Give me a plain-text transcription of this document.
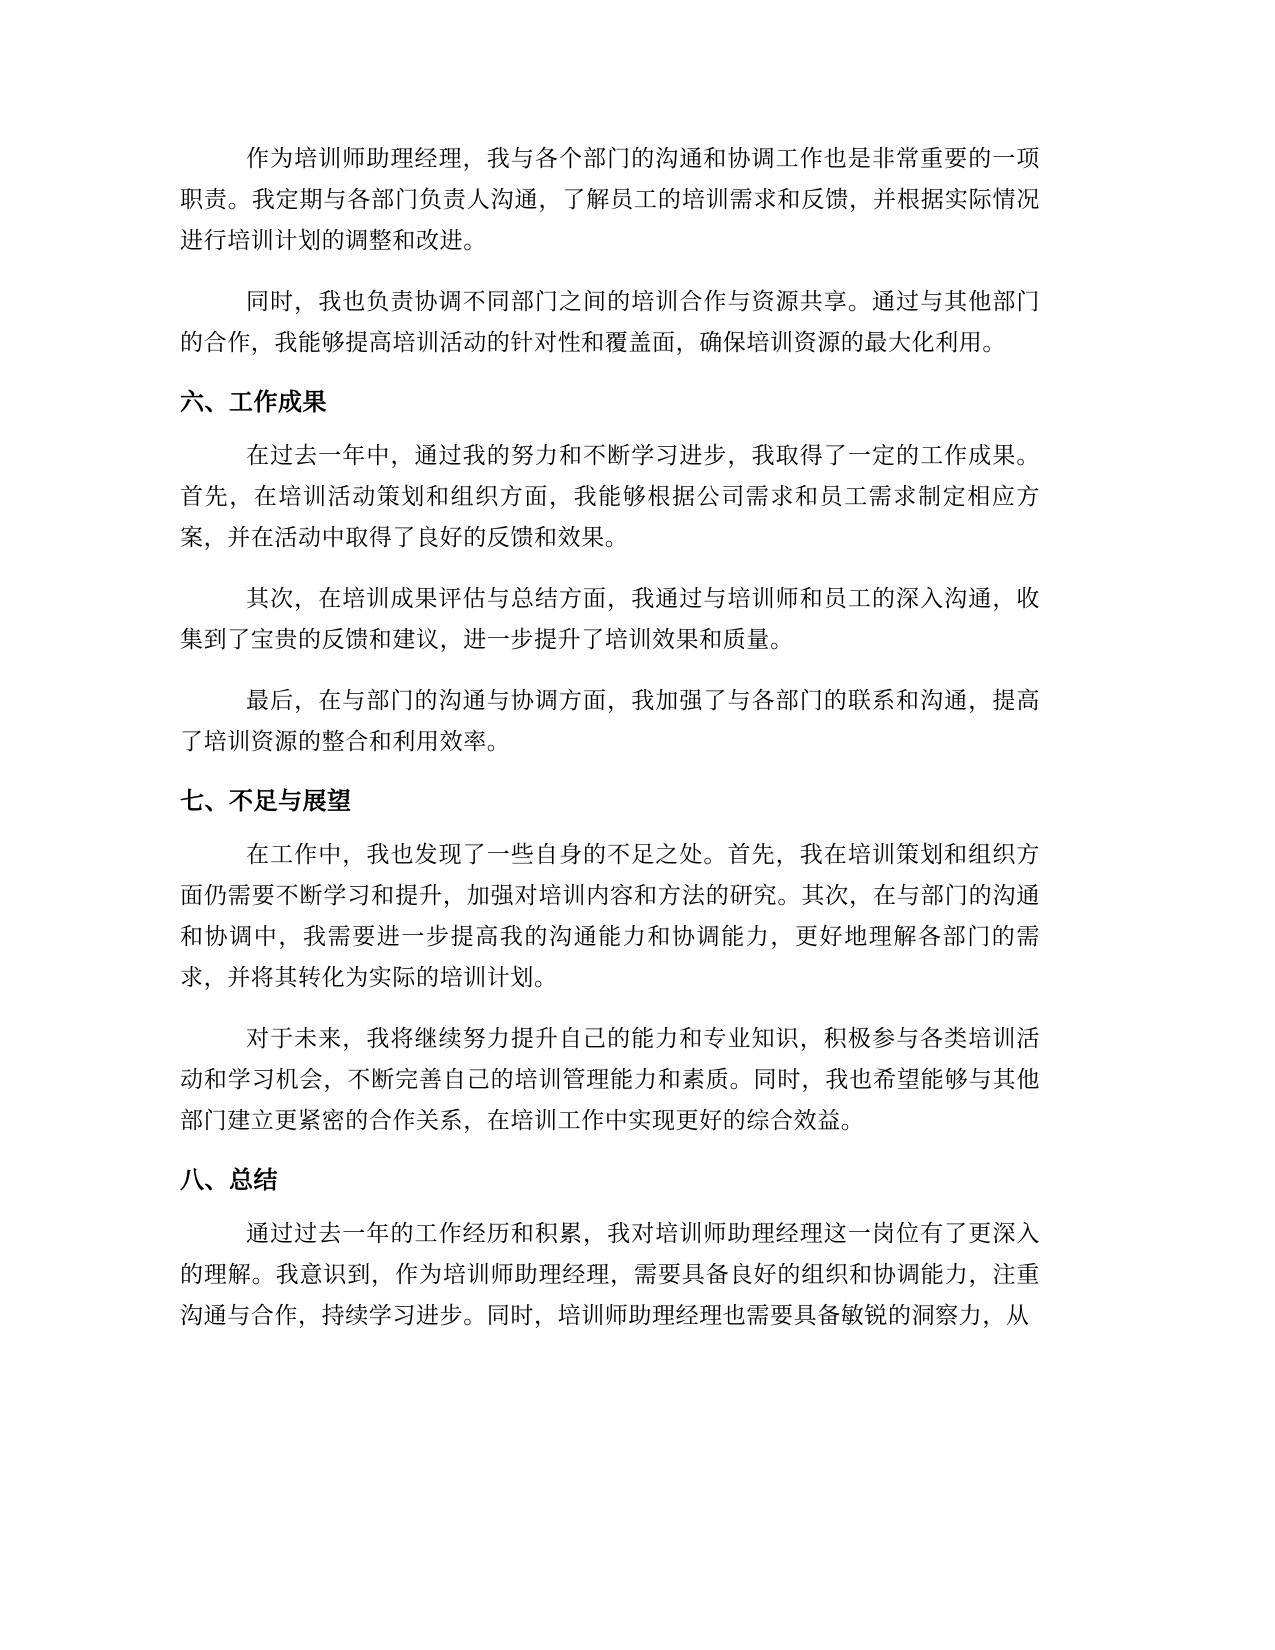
作为培训师助理经理，我与各个部门的沟通和协调工作也是非常重要的一项职责。我定期与各部门负责人沟通，了解员工的培训需求和反馈，并根据实际情况进行培训计划的调整和改进。

同时，我也负责协调不同部门之间的培训合作与资源共享。通过与其他部门的合作，我能够提高培训活动的针对性和覆盖面，确保培训资源的最大化利用。

六、工作成果

在过去一年中，通过我的努力和不断学习进步，我取得了一定的工作成果。首先，在培训活动策划和组织方面，我能够根据公司需求和员工需求制定相应方案，并在活动中取得了良好的反馈和效果。

其次，在培训成果评估与总结方面，我通过与培训师和员工的深入沟通，收集到了宝贵的反馈和建议，进一步提升了培训效果和质量。

最后，在与部门的沟通与协调方面，我加强了与各部门的联系和沟通，提高了培训资源的整合和利用效率。

七、不足与展望

在工作中，我也发现了一些自身的不足之处。首先，我在培训策划和组织方面仍需要不断学习和提升，加强对培训内容和方法的研究。其次，在与部门的沟通和协调中，我需要进一步提高我的沟通能力和协调能力，更好地理解各部门的需求，并将其转化为实际的培训计划。

对于未来，我将继续努力提升自己的能力和专业知识，积极参与各类培训活动和学习机会，不断完善自己的培训管理能力和素质。同时，我也希望能够与其他部门建立更紧密的合作关系，在培训工作中实现更好的综合效益。

八、总结

通过过去一年的工作经历和积累，我对培训师助理经理这一岗位有了更深入的理解。我意识到，作为培训师助理经理，需要具备良好的组织和协调能力，注重沟通与合作，持续学习进步。同时，培训师助理经理也需要具备敏锐的洞察力，从
